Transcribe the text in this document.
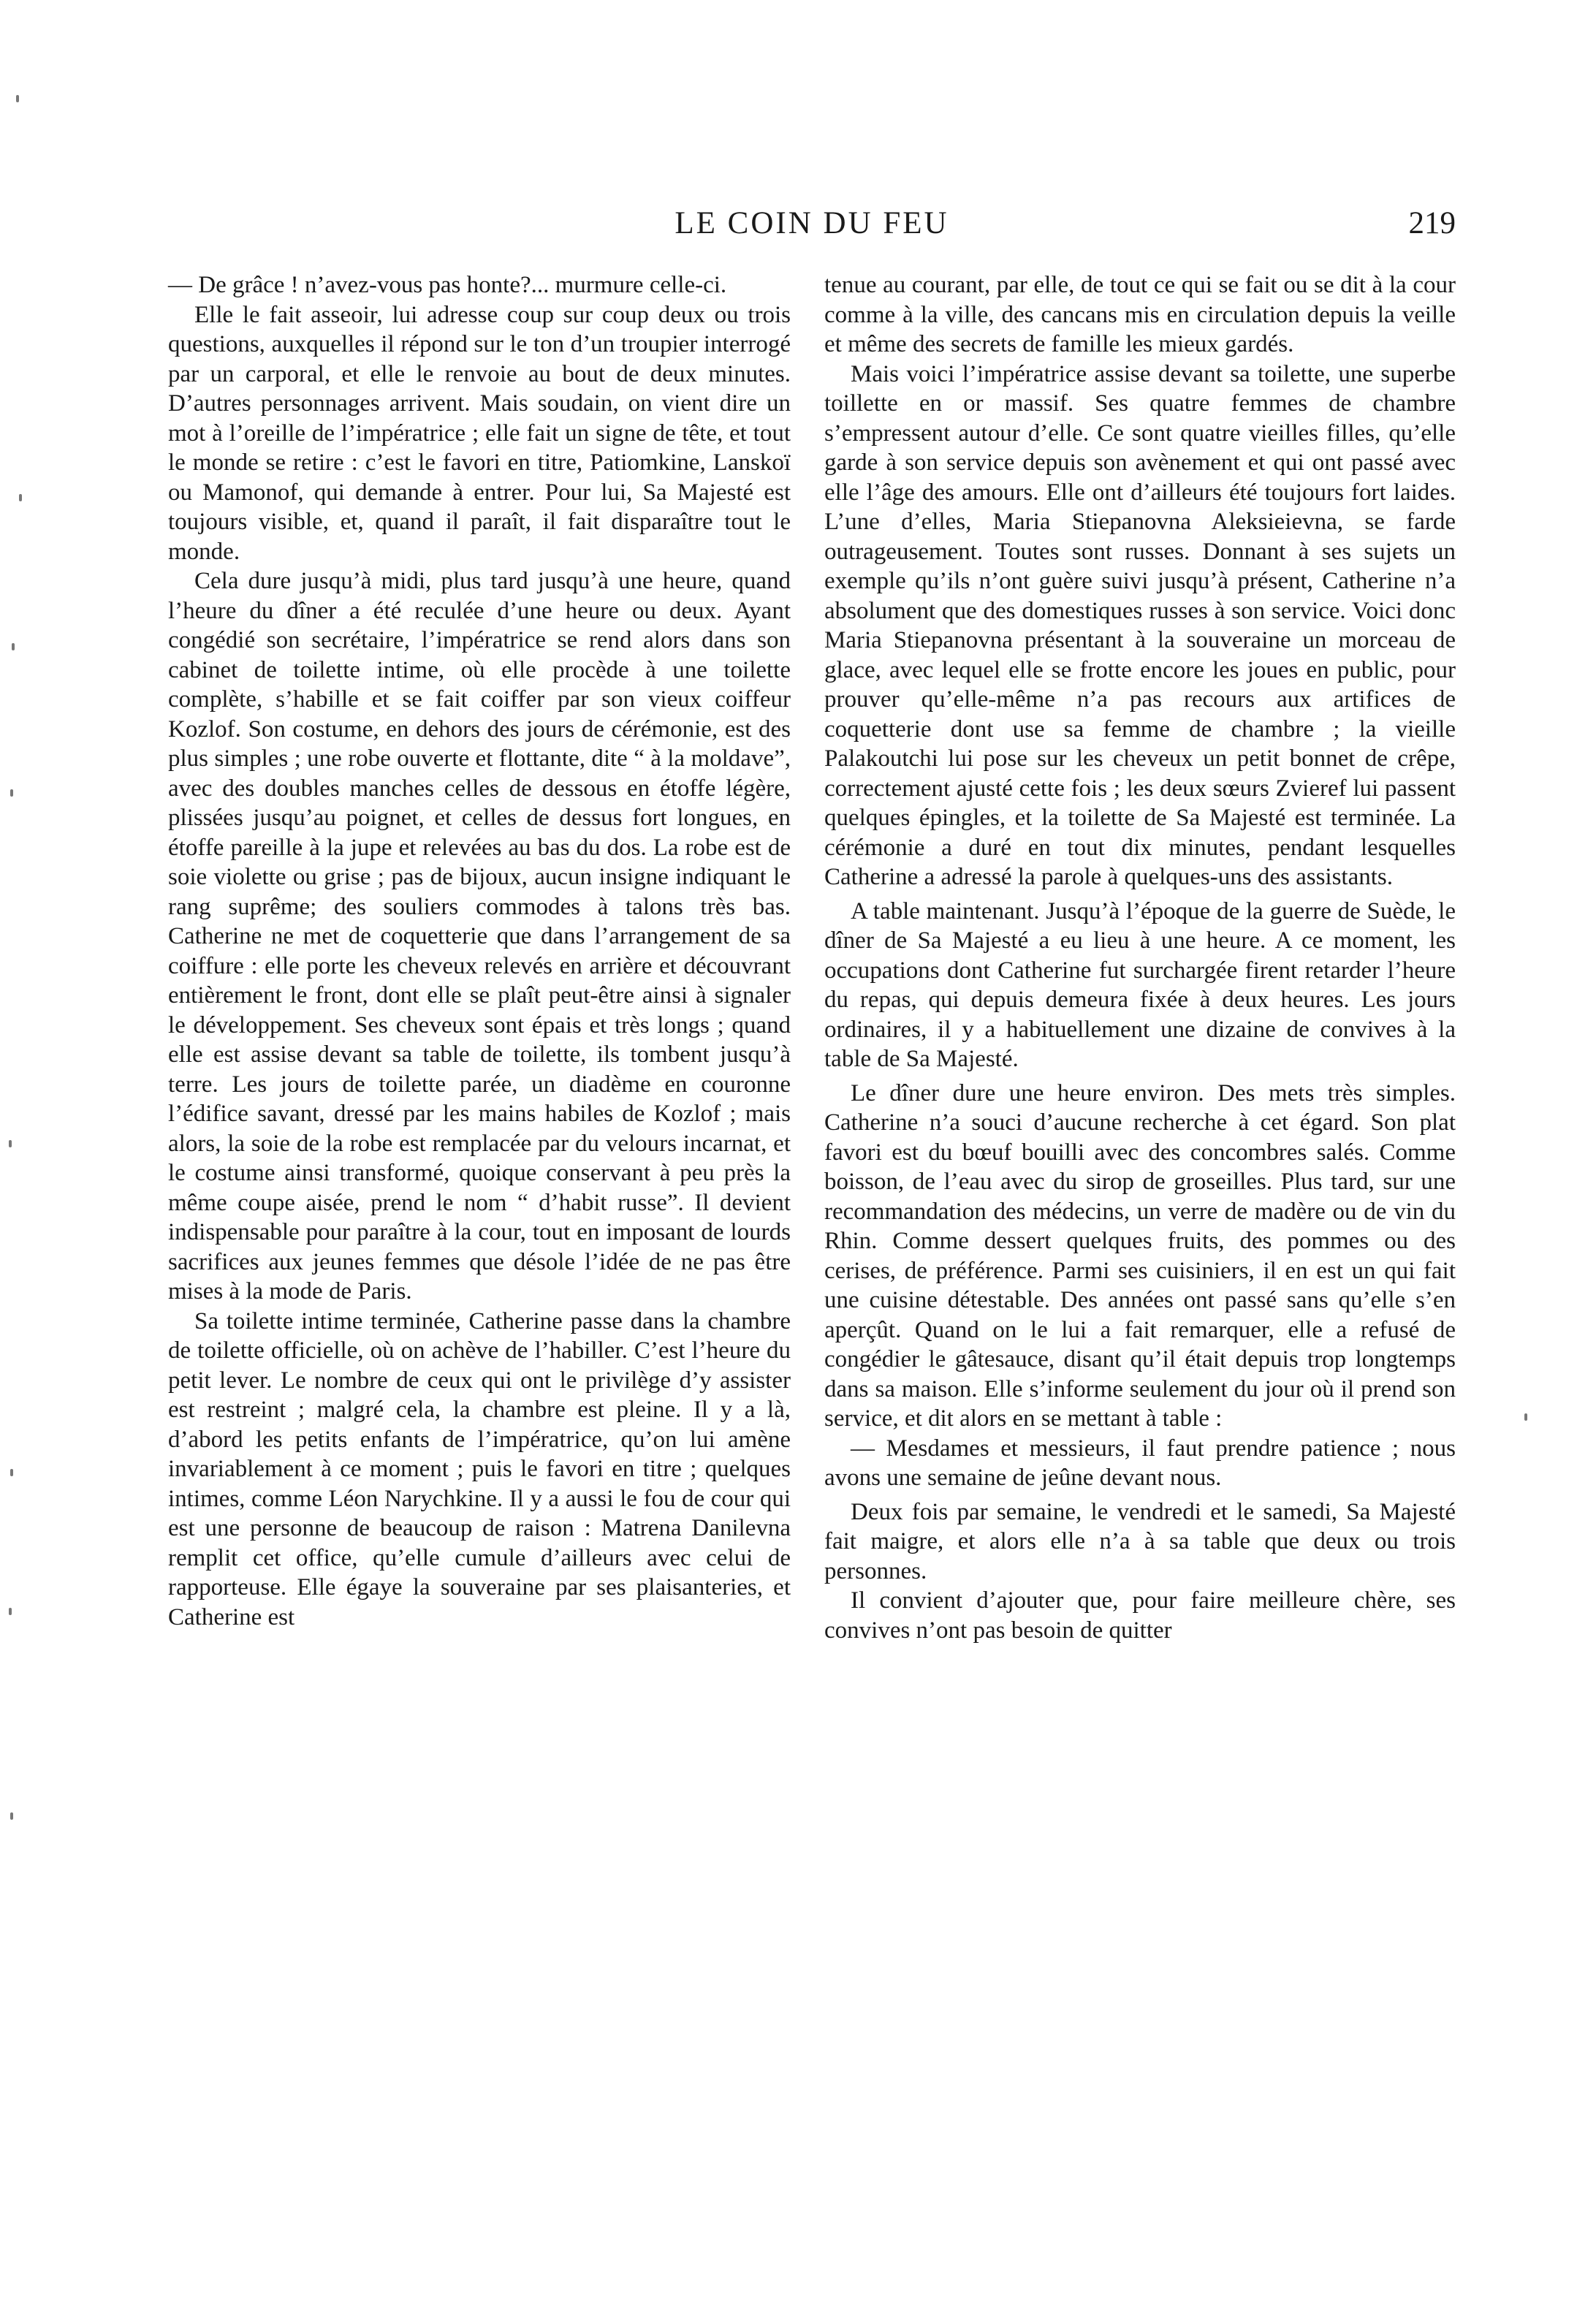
LE COIN DU FEU	219

— De grâce ! n’avez-vous pas honte?... murmure celle-ci.

Elle le fait asseoir, lui adresse coup sur coup deux ou trois questions, auxquelles il répond sur le ton d’un troupier interrogé par un carporal, et elle le renvoie au bout de deux minutes. D’autres personnages arrivent. Mais soudain, on vient dire un mot à l’oreille de l’impératrice ; elle fait un signe de tête, et tout le monde se retire : c’est le favori en titre, Patiomkine, Lanskoï ou Mamonof, qui demande à entrer. Pour lui, Sa Majesté est toujours visible, et, quand il paraît, il fait disparaître tout le monde.

Cela dure jusqu’à midi, plus tard jusqu’à une heure, quand l’heure du dîner a été reculée d’une heure ou deux. Ayant congédié son secrétaire, l’impératrice se rend alors dans son cabinet de toilette intime, où elle procède à une toilette complète, s’habille et se fait coiffer par son vieux coiffeur Kozlof. Son costume, en dehors des jours de cérémonie, est des plus simples ; une robe ouverte et flottante, dite “ à la moldave”, avec des doubles manches celles de dessous en étoffe légère, plissées jusqu’au poignet, et celles de dessus fort longues, en étoffe pareille à la jupe et relevées au bas du dos. La robe est de soie violette ou grise ; pas de bijoux, aucun insigne indiquant le rang suprême; des souliers commodes à talons très bas. Catherine ne met de coquetterie que dans l’arrangement de sa coiffure : elle porte les cheveux relevés en arrière et découvrant entièrement le front, dont elle se plaît peut-être ainsi à signaler le développement. Ses cheveux sont épais et très longs ; quand elle est assise devant sa table de toilette, ils tombent jusqu’à terre. Les jours de toilette parée, un diadème en couronne l’édifice savant, dressé par les mains habiles de Kozlof ; mais alors, la soie de la robe est remplacée par du velours incarnat, et le costume ainsi transformé, quoique conservant à peu près la même coupe aisée, prend le nom “ d’habit russe”. Il devient indispensable pour paraître à la cour, tout en imposant de lourds sacrifices aux jeunes femmes que désole l’idée de ne pas être mises à la mode de Paris.

Sa toilette intime terminée, Catherine passe dans la chambre de toilette officielle, où on achève de l’habiller. C’est l’heure du petit lever. Le nombre de ceux qui ont le privilège d’y assister est restreint ; malgré cela, la chambre est pleine. Il y a là, d’abord les petits enfants de l’impératrice, qu’on lui amène invariablement à ce moment ; puis le favori en titre ; quelques intimes, comme Léon Narychkine. Il y a aussi le fou de cour qui est une personne de beaucoup de raison : Matrena Danilevna remplit cet office, qu’elle cumule d’ailleurs avec celui de rapporteuse. Elle égaye la souveraine par ses plaisanteries, et Catherine est

tenue au courant, par elle, de tout ce qui se fait ou se dit à la cour comme à la ville, des cancans mis en circulation depuis la veille et même des secrets de famille les mieux gardés.

Mais voici l’impératrice assise devant sa toilette, une superbe toillette en or massif. Ses quatre femmes de chambre s’empressent autour d’elle. Ce sont quatre vieilles filles, qu’elle garde à son service depuis son avènement et qui ont passé avec elle l’âge des amours. Elle ont d’ailleurs été toujours fort laides. L’une d’elles, Maria Stiepanovna Aleksieievna, se farde outrageusement. Toutes sont russes. Donnant à ses sujets un exemple qu’ils n’ont guère suivi jusqu’à présent, Catherine n’a absolument que des domestiques russes à son service. Voici donc Maria Stiepanovna présentant à la souveraine un morceau de glace, avec lequel elle se frotte encore les joues en public, pour prouver qu’elle-même n’a pas recours aux artifices de coquetterie dont use sa femme de chambre ; la vieille Palakoutchi lui pose sur les cheveux un petit bonnet de crêpe, correctement ajusté cette fois ; les deux sœurs Zvieref lui passent quelques épingles, et la toilette de Sa Majesté est terminée. La cérémonie a duré en tout dix minutes, pendant lesquelles Catherine a adressé la parole à quelques-uns des assistants.

A table maintenant. Jusqu’à l’époque de la guerre de Suède, le dîner de Sa Majesté a eu lieu à une heure. A ce moment, les occupations dont Catherine fut surchargée firent retarder l’heure du repas, qui depuis demeura fixée à deux heures. Les jours ordinaires, il y a habituellement une dizaine de convives à la table de Sa Majesté.

Le dîner dure une heure environ. Des mets très simples. Catherine n’a souci d’aucune recherche à cet égard. Son plat favori est du bœuf bouilli avec des concombres salés. Comme boisson, de l’eau avec du sirop de groseilles. Plus tard, sur une recommandation des médecins, un verre de madère ou de vin du Rhin. Comme dessert quelques fruits, des pommes ou des cerises, de préférence. Parmi ses cuisiniers, il en est un qui fait une cuisine détestable. Des années ont passé sans qu’elle s’en aperçût. Quand on le lui a fait remarquer, elle a refusé de congédier le gâtesauce, disant qu’il était depuis trop longtemps dans sa maison. Elle s’informe seulement du jour où il prend son service, et dit alors en se mettant à table :

— Mesdames et messieurs, il faut prendre patience ; nous avons une semaine de jeûne devant nous.

Deux fois par semaine, le vendredi et le samedi, Sa Majesté fait maigre, et alors elle n’a à sa table que deux ou trois personnes.

Il convient d’ajouter que, pour faire meilleure chère, ses convives n’ont pas besoin de quitter
